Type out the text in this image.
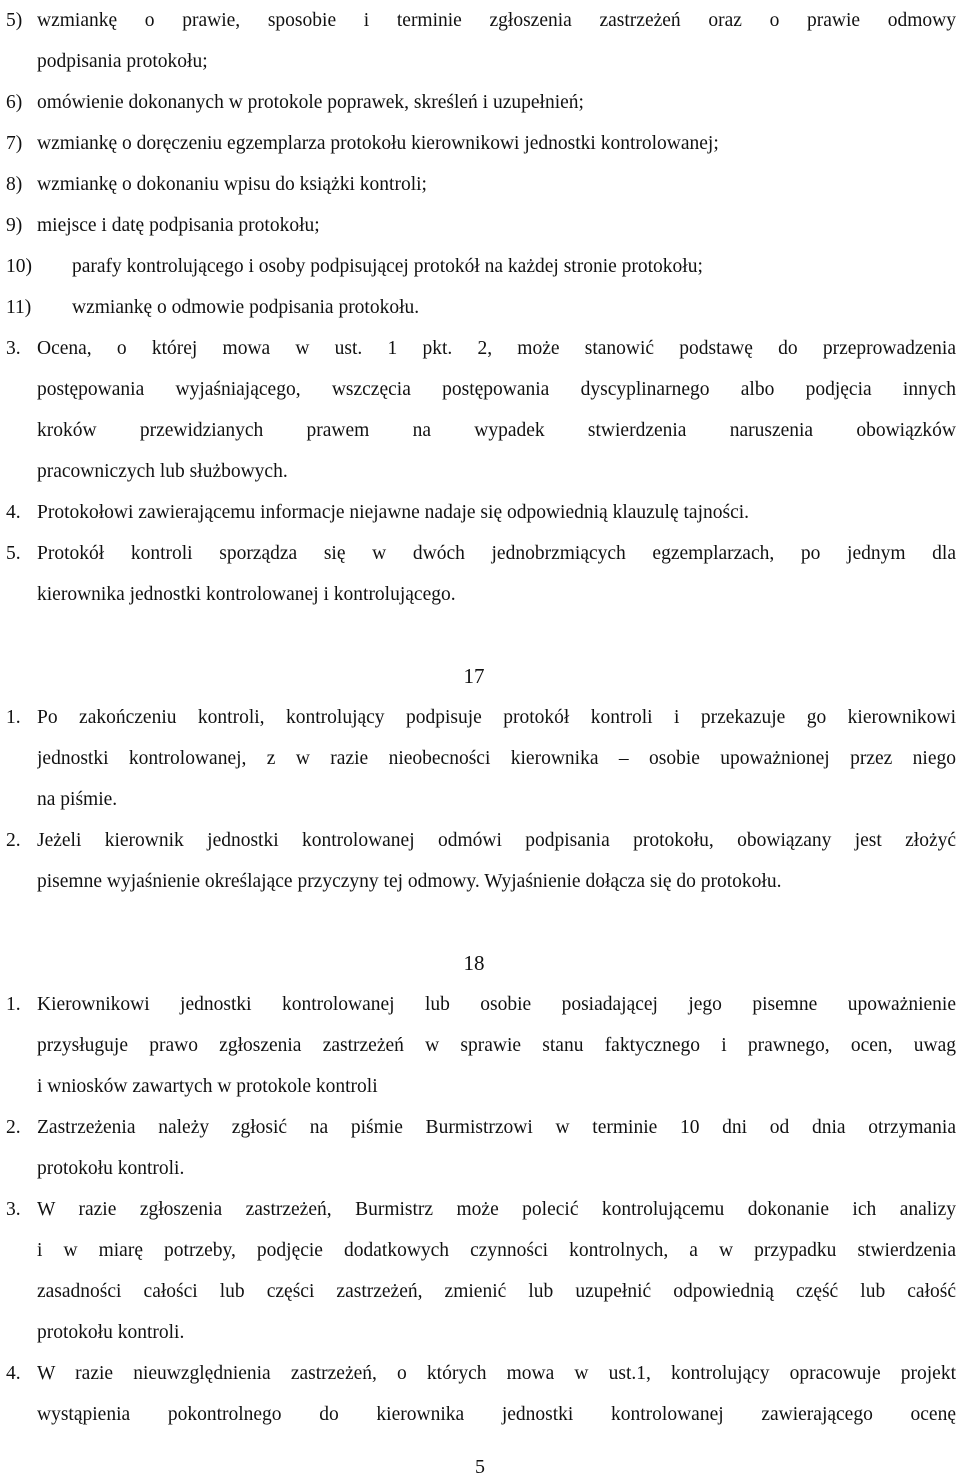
5) wzmiankę o prawie, sposobie i terminie zgłoszenia zastrzeżeń oraz o prawie odmowy
podpisania protokołu;
6) omówienie dokonanych w protokole poprawek, skreśleń i uzupełnień;
7) wzmiankę o doręczeniu egzemplarza protokołu kierownikowi jednostki kontrolowanej;
8) wzmiankę o dokonaniu wpisu do książki kontroli;
9) miejsce i datę podpisania protokołu;
10) parafy kontrolującego i osoby podpisującej protokół na każdej stronie protokołu;
11) wzmiankę o odmowie podpisania protokołu.
3. Ocena, o której mowa w ust. 1 pkt. 2, może stanowić podstawę do przeprowadzenia
postępowania wyjaśniającego, wszczęcia postępowania dyscyplinarnego albo podjęcia innych
kroków przewidzianych prawem na wypadek stwierdzenia naruszenia obowiązków
pracowniczych lub służbowych.
4. Protokołowi zawierającemu informacje niejawne nadaje się odpowiednią klauzulę tajności.
5. Protokół kontroli sporządza się w dwóch jednobrzmiących egzemplarzach, po jednym dla
kierownika jednostki kontrolowanej i kontrolującego.
17
1. Po zakończeniu kontroli, kontrolujący podpisuje protokół kontroli i przekazuje go kierownikowi
jednostki kontrolowanej, z w razie nieobecności kierownika – osobie upoważnionej przez niego
na piśmie.
2. Jeżeli kierownik jednostki kontrolowanej odmówi podpisania protokołu, obowiązany jest złożyć
pisemne wyjaśnienie określające przyczyny tej odmowy. Wyjaśnienie dołącza się do protokołu.
18
1. Kierownikowi jednostki kontrolowanej lub osobie posiadającej jego pisemne upoważnienie
przysługuje prawo zgłoszenia zastrzeżeń w sprawie stanu faktycznego i prawnego, ocen, uwag
i wniosków zawartych w protokole kontroli
2. Zastrzeżenia należy zgłosić na piśmie Burmistrzowi w terminie 10 dni od dnia otrzymania
protokołu kontroli.
3. W razie zgłoszenia zastrzeżeń, Burmistrz może polecić kontrolującemu dokonanie ich analizy
i w miarę potrzeby, podjęcie dodatkowych czynności kontrolnych, a w przypadku stwierdzenia
zasadności całości lub części zastrzeżeń, zmienić lub uzupełnić odpowiednią część lub całość
protokołu kontroli.
4. W razie nieuwzględnienia zastrzeżeń, o których mowa w ust.1, kontrolujący opracowuje projekt
wystąpienia pokontrolnego do kierownika jednostki kontrolowanej zawierającego ocenę
5
